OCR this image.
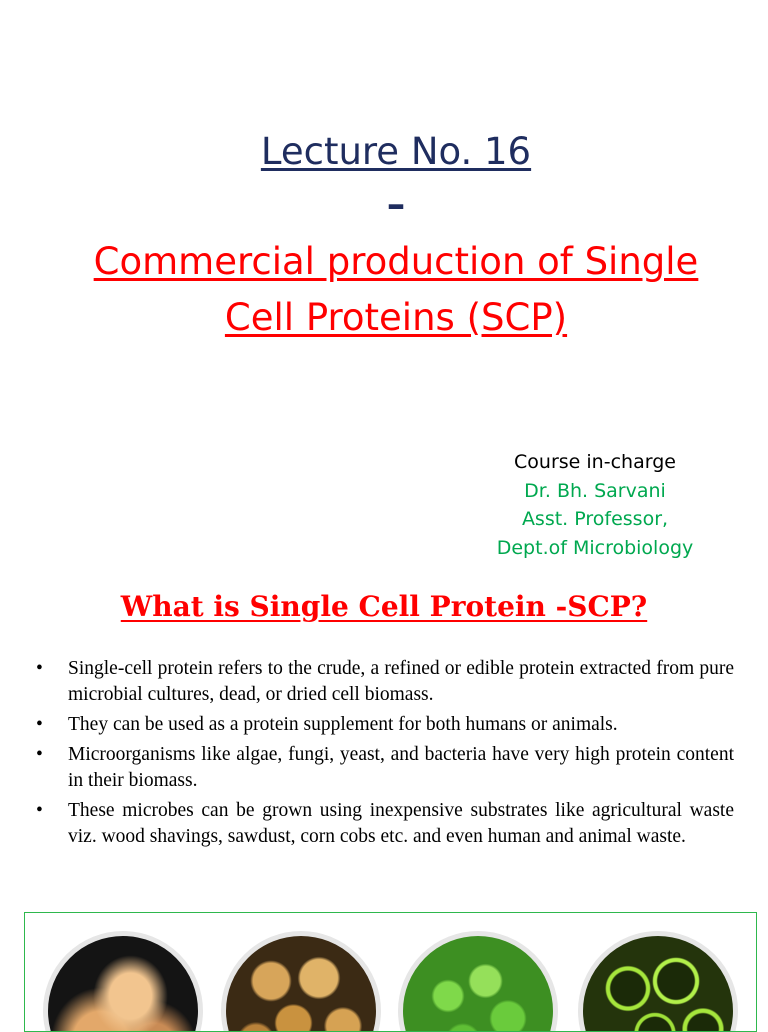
Lecture No. 16

–

Commercial production of Single
Cell Proteins (SCP)

Course in-charge
Dr. Bh. Sarvani
Asst. Professor,
Dept.of Microbiology
What is Single Cell Protein -SCP?
•	Single-cell protein refers to the crude, a refined or edible protein extracted from pure microbial cultures, dead, or dried cell biomass.
•	They can be used as a protein supplement for both humans or animals.
•	Microorganisms like algae, fungi, yeast, and bacteria have very high protein content in their biomass.
•	These microbes can be grown using inexpensive substrates like agricultural waste viz. wood shavings, sawdust, corn cobs etc. and even human and animal waste.
